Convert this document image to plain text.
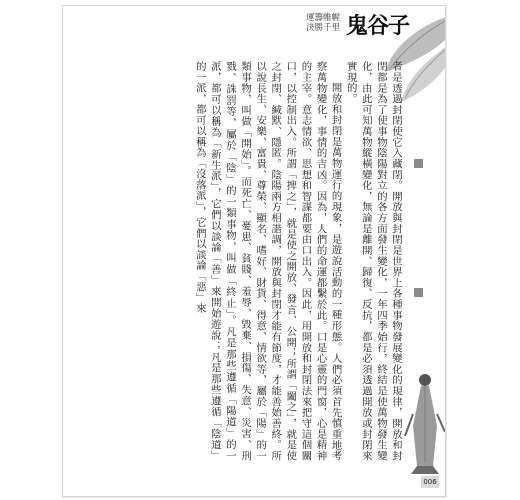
運籌帷幄
決勝千里 鬼谷子

者是透過封閉使它入藏閉。開放與封閉是世界上各種事物發展變化的規律，開放和封閉都是為了使事物陰陽對立的各方面發生變化，一年四季始行，終結是使萬物發生變化，由此可知萬物縱橫變化，無論是離開、歸復、反抗，都是必須透過開放或封閉來實現的。

開放和封閉是萬物運行的現象，是遊說活動的一種形態。人們必須首先慎重地考察萬物變化，事情的吉凶。因為，人們的命運都繫於此。口是心靈的門窗，心是精神的主宰。意志情欲、思想和智謀都要由口出入。因此，用開放和封閉法來把守這個關口，以控制出入。所謂「捭之」，就是使之開放、發言、公開；所謂「闔之」，就是使之封閉、緘默、隱匿。陰陽兩方相諧調，開放與封閉才能有節度，才能善始善終。所以說長生、安樂、富貴、尊榮、顯名、嗜好、財貨、得意、情欲等，屬於「陽」的一類事物，叫做「開始」。而死亡、憂患、貧賤、羞辱、毀棄、損傷、失意、災害、刑戮、誅罰等，屬於「陰」的一類事物，叫做「終止」。凡是那些遵循「陽道」的一派，都可以稱為「新生派」，它們以談論「善」來開始遊說；凡是那些遵循「陰道」的一派，都可以稱為「沒落派」，它們以談論「惡」來

006
